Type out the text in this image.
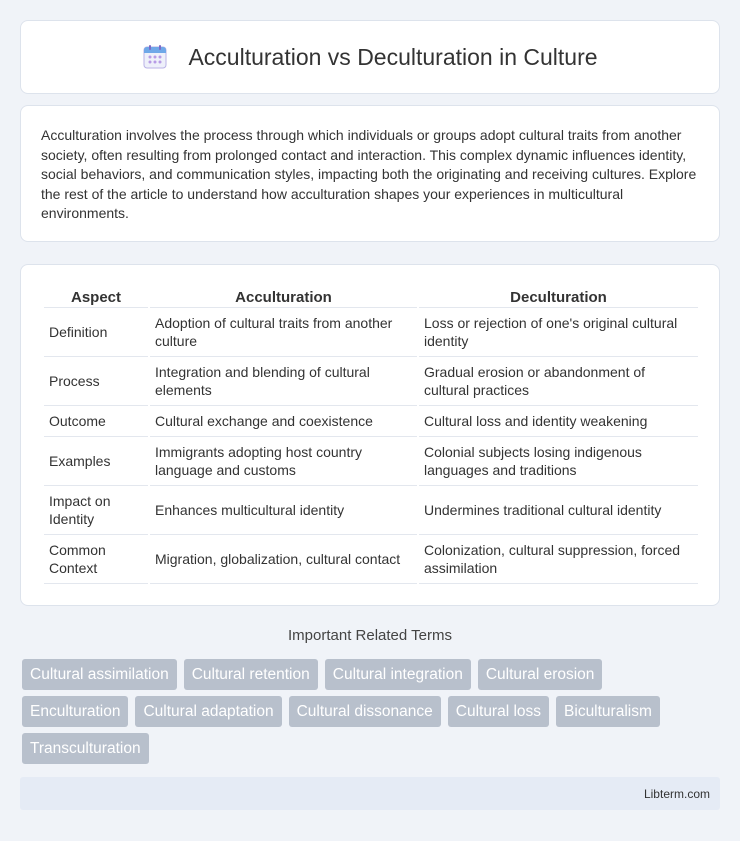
Acculturation vs Deculturation in Culture

Acculturation involves the process through which individuals or groups adopt cultural traits from another society, often resulting from prolonged contact and interaction. This complex dynamic influences identity, social behaviors, and communication styles, impacting both the originating and receiving cultures. Explore the rest of the article to understand how acculturation shapes your experiences in multicultural environments.

Aspect	Acculturation	Deculturation
Definition	Adoption of cultural traits from another culture	Loss or rejection of one's original cultural identity
Process	Integration and blending of cultural elements	Gradual erosion or abandonment of cultural practices
Outcome	Cultural exchange and coexistence	Cultural loss and identity weakening
Examples	Immigrants adopting host country language and customs	Colonial subjects losing indigenous languages and traditions
Impact on Identity	Enhances multicultural identity	Undermines traditional cultural identity
Common Context	Migration, globalization, cultural contact	Colonization, cultural suppression, forced assimilation
Important Related Terms
Cultural assimilation	Cultural retention	Cultural integration	Cultural erosion
Enculturation	Cultural adaptation	Cultural dissonance	Cultural loss	Biculturalism
Transculturation
Libterm.com
